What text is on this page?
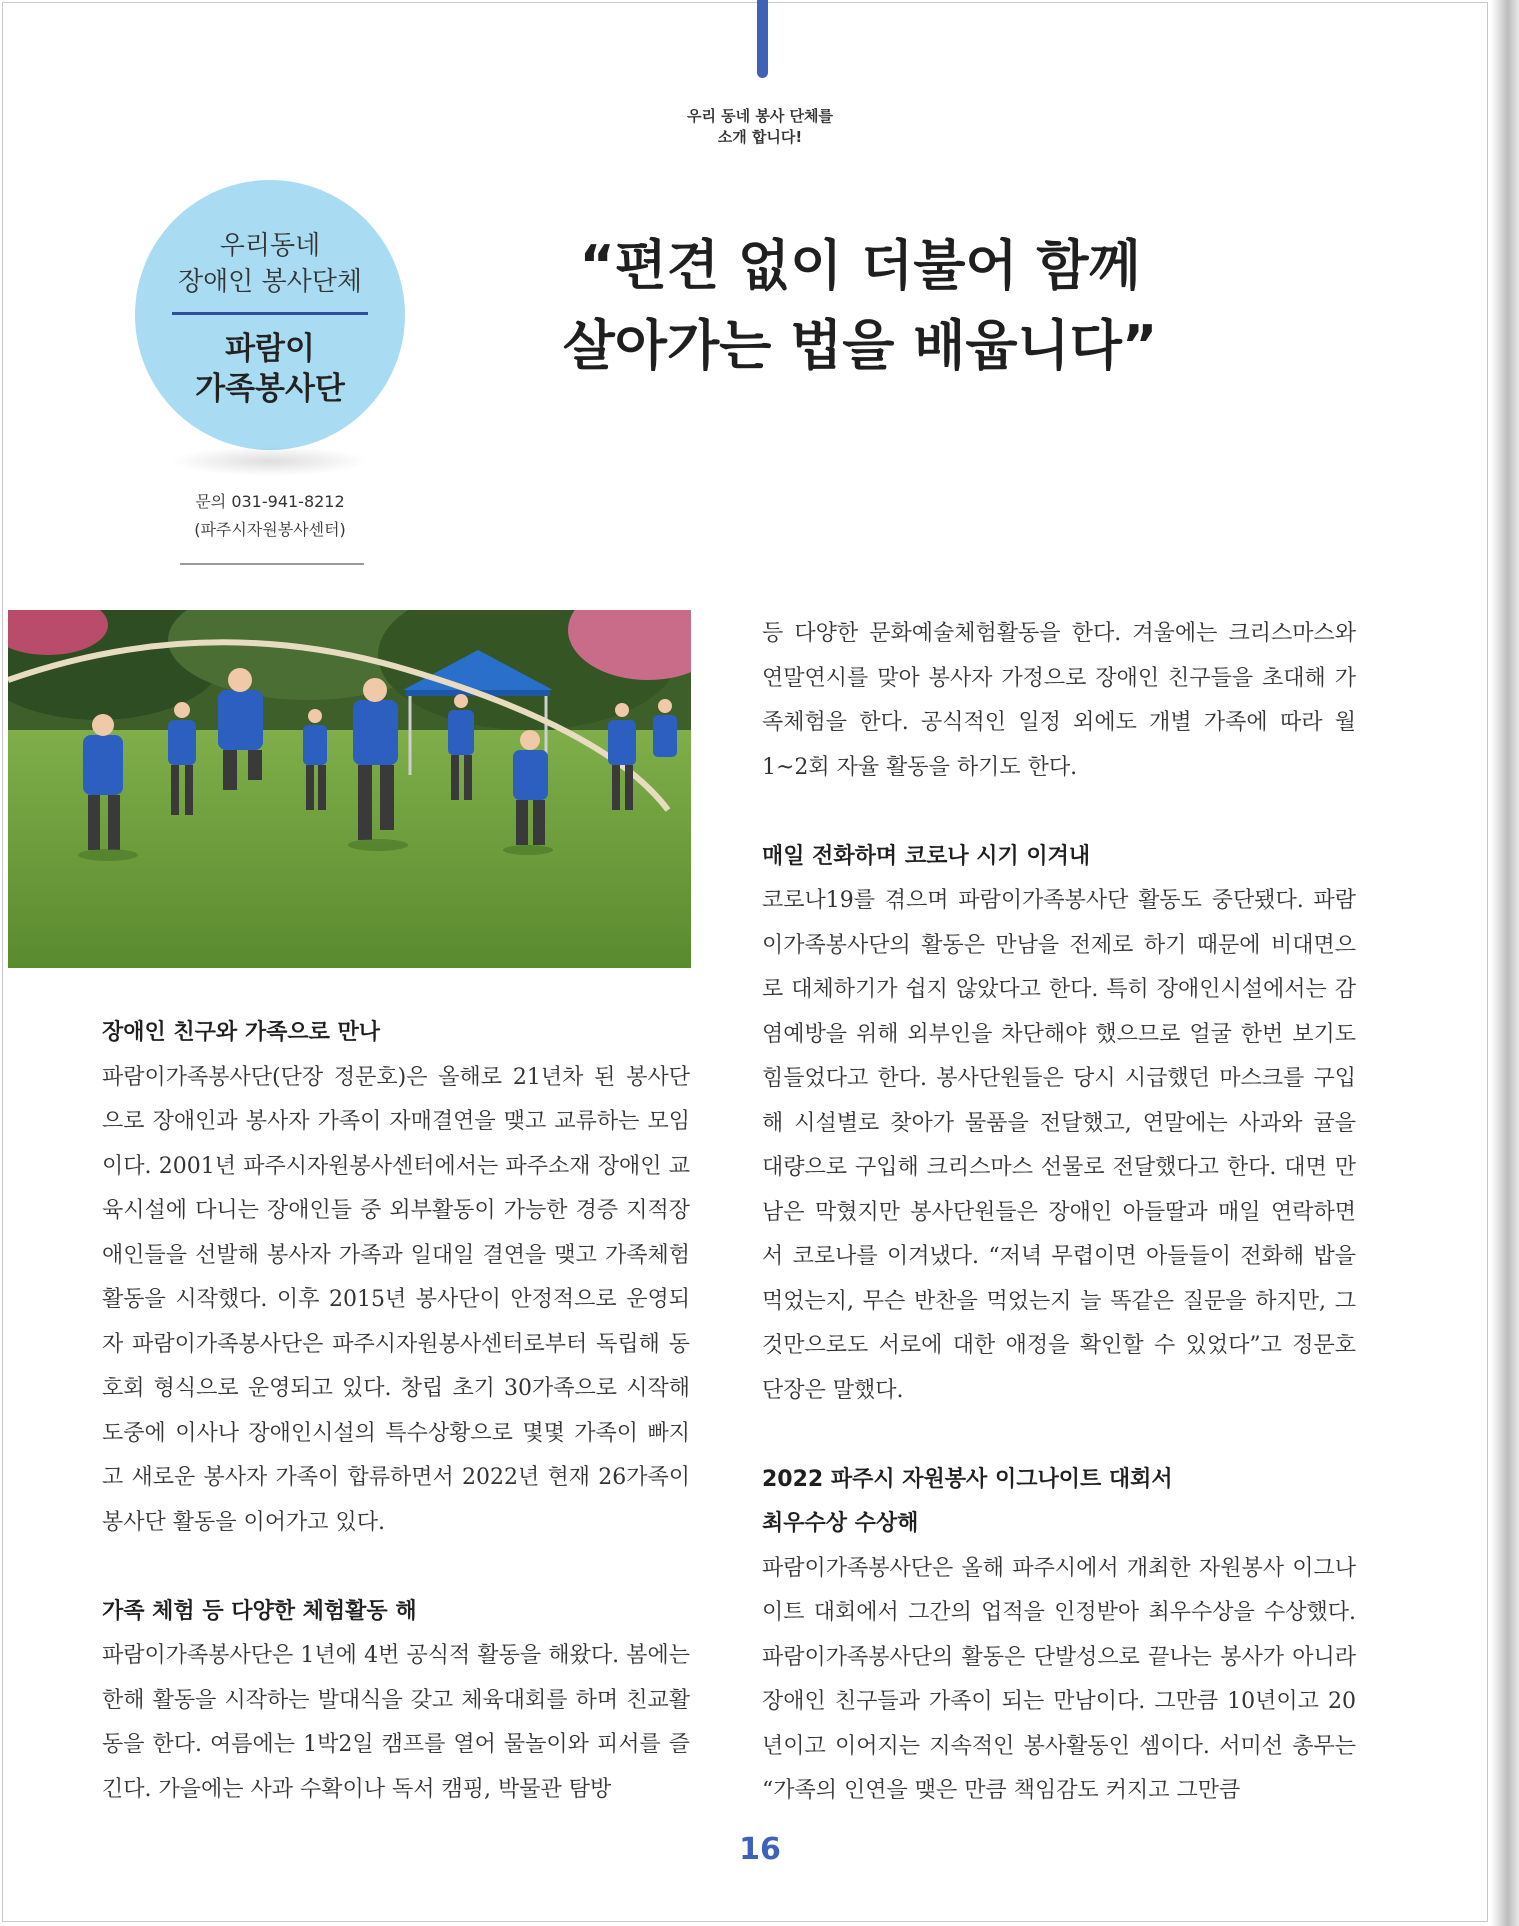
우리 동네 봉사 단체를
소개 합니다!
우리동네
장애인 봉사단체
파람이
가족봉사단
문의 031-941-8212
(파주시자원봉사센터)
“편견 없이 더불어 함께
살아가는 법을 배웁니다”
장애인 친구와 가족으로 만나

파람이가족봉사단(단장 정문호)은 올해로 21년차 된 봉사단으로 장애인과 봉사자 가족이 자매결연을 맺고 교류하는 모임이다. 2001년 파주시자원봉사센터에서는 파주소재 장애인 교육시설에 다니는 장애인들 중 외부활동이 가능한 경증 지적장애인들을 선발해 봉사자 가족과 일대일 결연을 맺고 가족체험활동을 시작했다. 이후 2015년 봉사단이 안정적으로 운영되자 파람이가족봉사단은 파주시자원봉사센터로부터 독립해 동호회 형식으로 운영되고 있다. 창립 초기 30가족으로 시작해 도중에 이사나 장애인시설의 특수상황으로 몇몇 가족이 빠지고 새로운 봉사자 가족이 합류하면서 2022년 현재 26가족이 봉사단 활동을 이어가고 있다.

가족 체험 등 다양한 체험활동 해

파람이가족봉사단은 1년에 4번 공식적 활동을 해왔다. 봄에는 한해 활동을 시작하는 발대식을 갖고 체육대회를 하며 친교활동을 한다. 여름에는 1박2일 캠프를 열어 물놀이와 피서를 즐긴다. 가을에는 사과 수확이나 독서 캠핑, 박물관 탐방

등 다양한 문화예술체험활동을 한다. 겨울에는 크리스마스와 연말연시를 맞아 봉사자 가정으로 장애인 친구들을 초대해 가족체험을 한다. 공식적인 일정 외에도 개별 가족에 따라 월 1~2회 자율 활동을 하기도 한다.

매일 전화하며 코로나 시기 이겨내

코로나19를 겪으며 파람이가족봉사단 활동도 중단됐다. 파람이가족봉사단의 활동은 만남을 전제로 하기 때문에 비대면으로 대체하기가 쉽지 않았다고 한다. 특히 장애인시설에서는 감염예방을 위해 외부인을 차단해야 했으므로 얼굴 한번 보기도 힘들었다고 한다. 봉사단원들은 당시 시급했던 마스크를 구입해 시설별로 찾아가 물품을 전달했고, 연말에는 사과와 귤을 대량으로 구입해 크리스마스 선물로 전달했다고 한다. 대면 만남은 막혔지만 봉사단원들은 장애인 아들딸과 매일 연락하면서 코로나를 이겨냈다. “저녁 무렵이면 아들들이 전화해 밥을 먹었는지, 무슨 반찬을 먹었는지 늘 똑같은 질문을 하지만, 그것만으로도 서로에 대한 애정을 확인할 수 있었다”고 정문호 단장은 말했다.

2022 파주시 자원봉사 이그나이트 대회서
최우수상 수상해

파람이가족봉사단은 올해 파주시에서 개최한 자원봉사 이그나이트 대회에서 그간의 업적을 인정받아 최우수상을 수상했다. 파람이가족봉사단의 활동은 단발성으로 끝나는 봉사가 아니라 장애인 친구들과 가족이 되는 만남이다. 그만큼 10년이고 20년이고 이어지는 지속적인 봉사활동인 셈이다. 서미선 총무는 “가족의 인연을 맺은 만큼 책임감도 커지고 그만큼

16
